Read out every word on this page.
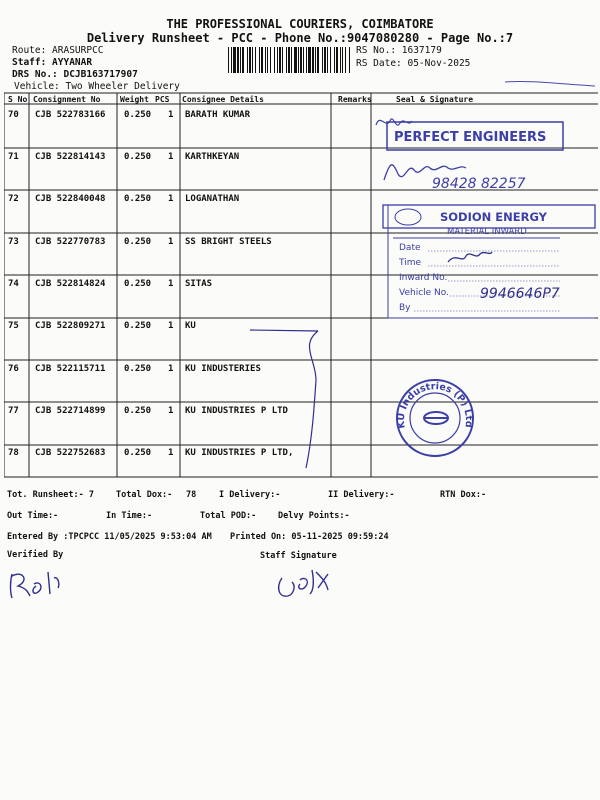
THE PROFESSIONAL COURIERS, COIMBATORE
Delivery Runsheet - PCC - Phone No.:9047080280 - Page No.:7
Route: ARASURPCC
Staff: AYYANAR
DRS No.: DCJB163717907
Vehicle: Two Wheeler Delivery
RS No.: 1637179
RS Date: 05-Nov-2025
S No Consignment No Weight PCS Consignee Details	Remarks	Seal & Signature
70 CJB 522783166 0.250 1 BARATH KUMAR
71 CJB 522814143 0.250 1 KARTHKEYAN
72 CJB 522840048 0.250 1 LOGANATHAN
73 CJB 522770783 0.250 1 SS BRIGHT STEELS
74 CJB 522814824 0.250 1 SITAS
75 CJB 522809271 0.250 1 KU
76 CJB 522115711 0.250 1 KU INDUSTERIES
77 CJB 522714899 0.250 1 KU INDUSTRIES P LTD
78 CJB 522752683 0.250 1 KU INDUSTRIES P LTD,
PERFECT ENGINEERS
98428 82257
SODION ENERGY
MATERIAL INWARD
Date
Time
Inward No.
Vehicle No.
By
9946646P7
KU Industries (P) Ltd
Tot. Runsheet:- 7	Total Dox:- 78	I Delivery:-	II Delivery:-	RTN Dox:-
Out Time:-	In Time:-	Total POD:-	Delvy Points:-
Entered By :TPCPCC 11/05/2025 9:53:04 AM Printed On: 05-11-2025 09:59:24
Verified By	Staff Signature
